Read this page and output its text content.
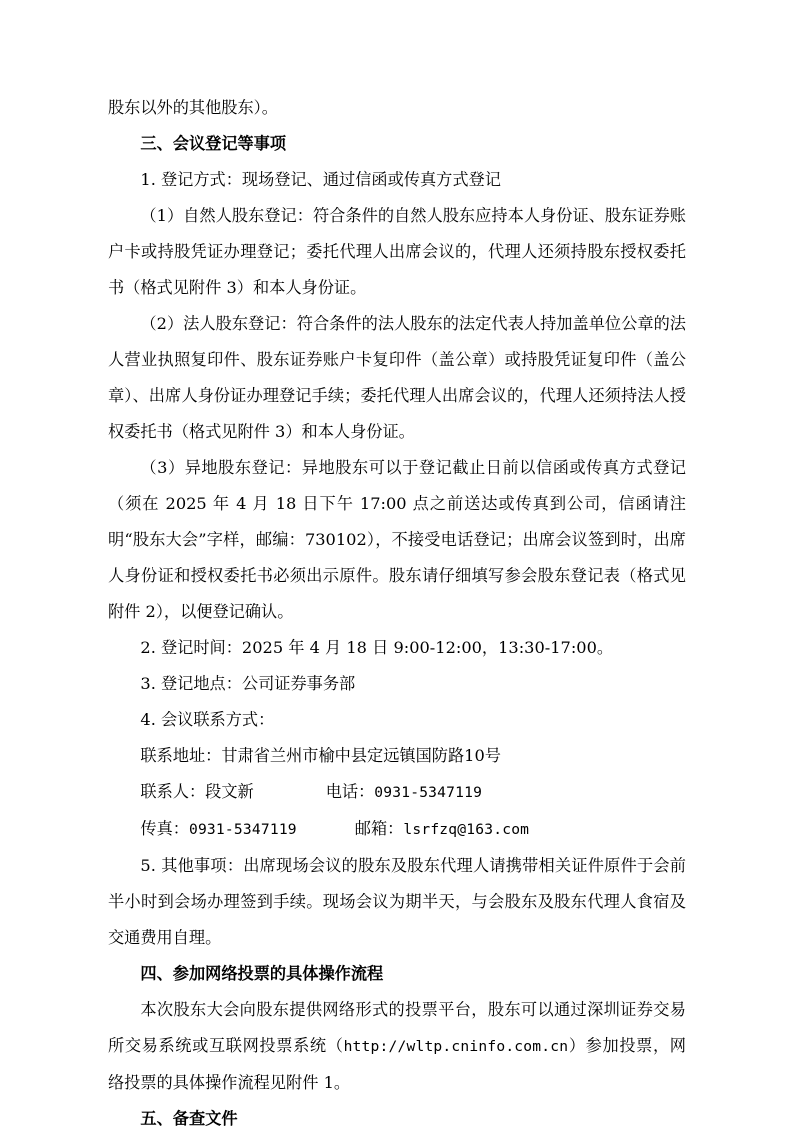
股东以外的其他股东）。

三、会议登记等事项

1. 登记方式：现场登记、通过信函或传真方式登记

（1）自然人股东登记：符合条件的自然人股东应持本人身份证、股东证券账户卡或持股凭证办理登记；委托代理人出席会议的，代理人还须持股东授权委托书（格式见附件 3）和本人身份证。

（2）法人股东登记：符合条件的法人股东的法定代表人持加盖单位公章的法人营业执照复印件、股东证券账户卡复印件（盖公章）或持股凭证复印件（盖公章）、出席人身份证办理登记手续；委托代理人出席会议的，代理人还须持法人授权委托书（格式见附件 3）和本人身份证。

（3）异地股东登记：异地股东可以于登记截止日前以信函或传真方式登记（须在 2025 年 4 月 18 日下午 17:00 点之前送达或传真到公司，信函请注明“股东大会”字样，邮编：730102），不接受电话登记；出席会议签到时，出席人身份证和授权委托书必须出示原件。股东请仔细填写参会股东登记表（格式见附件 2），以便登记确认。

2. 登记时间：2025 年 4 月 18 日 9:00-12:00，13:30-17:00。

3. 登记地点：公司证券事务部

4. 会议联系方式：

联系地址：甘肃省兰州市榆中县定远镇国防路10号

联系人：段文新	电话：0931-5347119

传真：0931-5347119	邮箱：lsrfzq@163.com

5. 其他事项：出席现场会议的股东及股东代理人请携带相关证件原件于会前半小时到会场办理签到手续。现场会议为期半天，与会股东及股东代理人食宿及交通费用自理。

四、参加网络投票的具体操作流程

本次股东大会向股东提供网络形式的投票平台，股东可以通过深圳证券交易所交易系统或互联网投票系统（http://wltp.cninfo.com.cn）参加投票，网络投票的具体操作流程见附件 1。

五、备查文件
